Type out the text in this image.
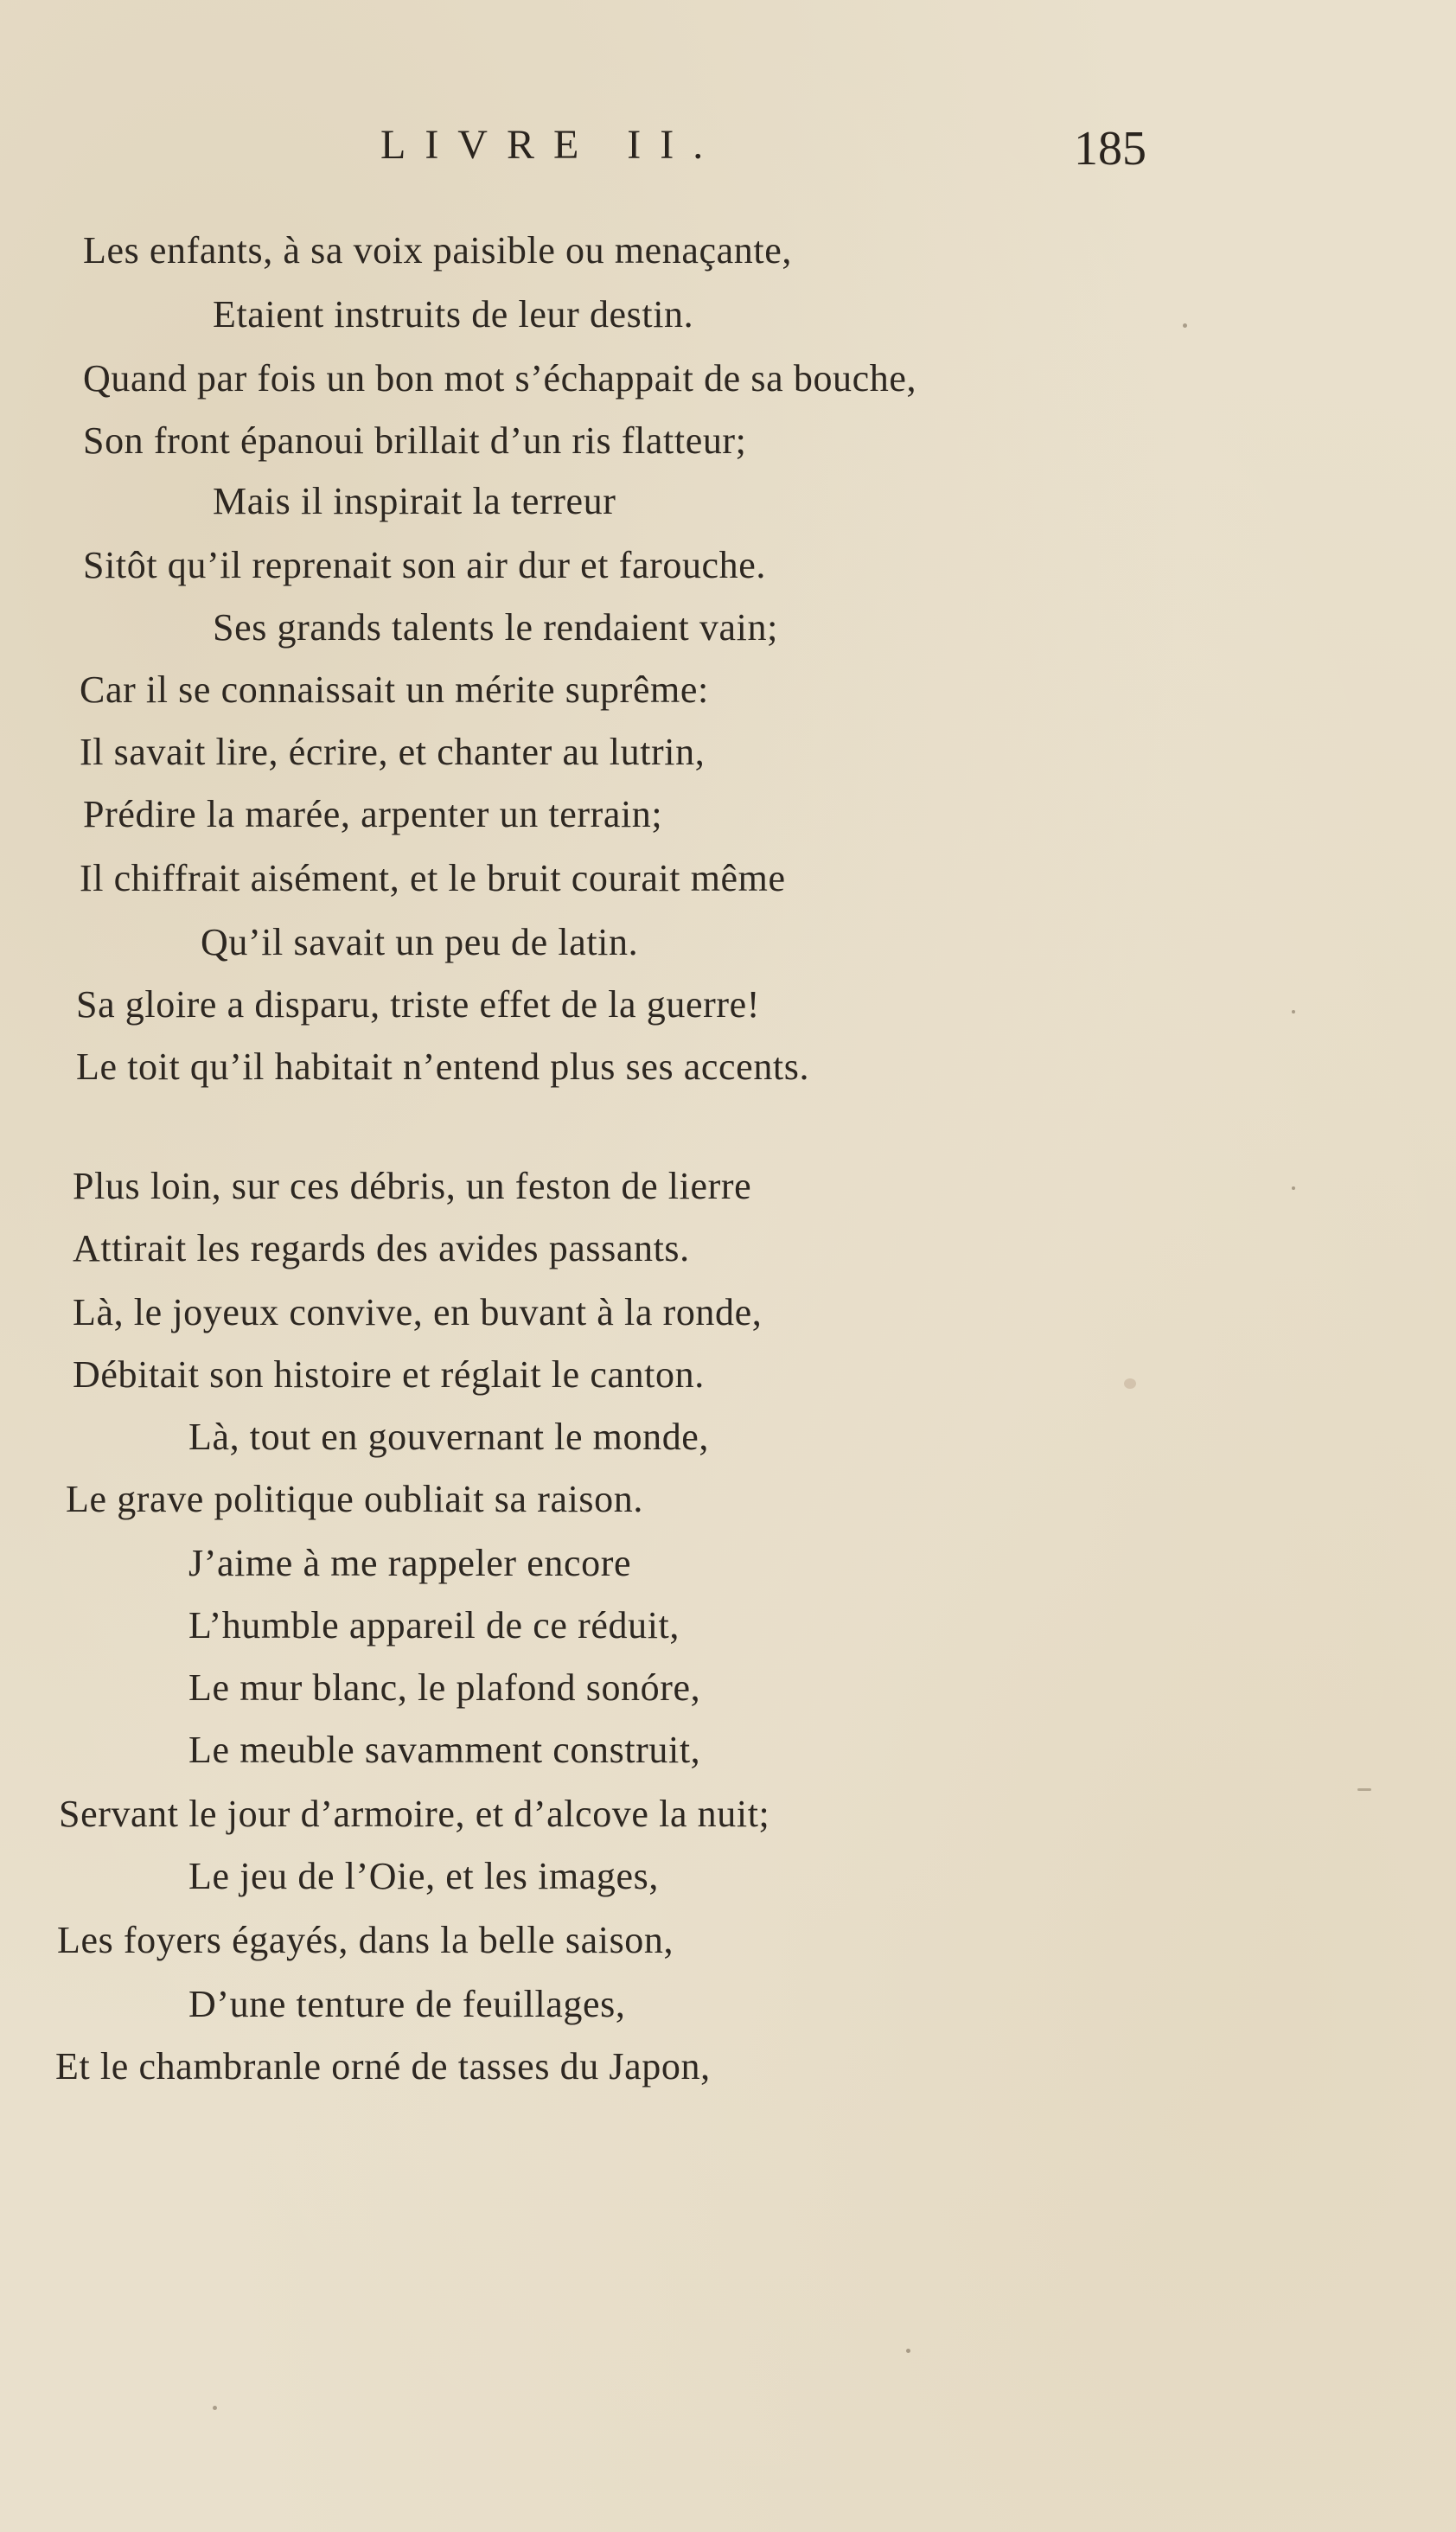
LIVRE II.	185
Les enfants, à sa voix paisible ou menaçante,
Etaient instruits de leur destin.
Quand par fois un bon mot s’échappait de sa bouche,
Son front épanoui brillait d’un ris flatteur;
Mais il inspirait la terreur
Sitôt qu’il reprenait son air dur et farouche.
Ses grands talents le rendaient vain;
Car il se connaissait un mérite suprême:
Il savait lire, écrire, et chanter au lutrin,
Prédire la marée, arpenter un terrain;
Il chiffrait aisément, et le bruit courait même
Qu’il savait un peu de latin.
Sa gloire a disparu, triste effet de la guerre!
Le toit qu’il habitait n’entend plus ses accents.
Plus loin, sur ces débris, un feston de lierre
Attirait les regards des avides passants.
Là, le joyeux convive, en buvant à la ronde,
Débitait son histoire et réglait le canton.
Là, tout en gouvernant le monde,
Le grave politique oubliait sa raison.
J’aime à me rappeler encore
L’humble appareil de ce réduit,
Le mur blanc, le plafond sonóre,
Le meuble savamment construit,
Servant le jour d’armoire, et d’alcove la nuit;
Le jeu de l’Oie, et les images,
Les foyers égayés, dans la belle saison,
D’une tenture de feuillages,
Et le chambranle orné de tasses du Japon,
